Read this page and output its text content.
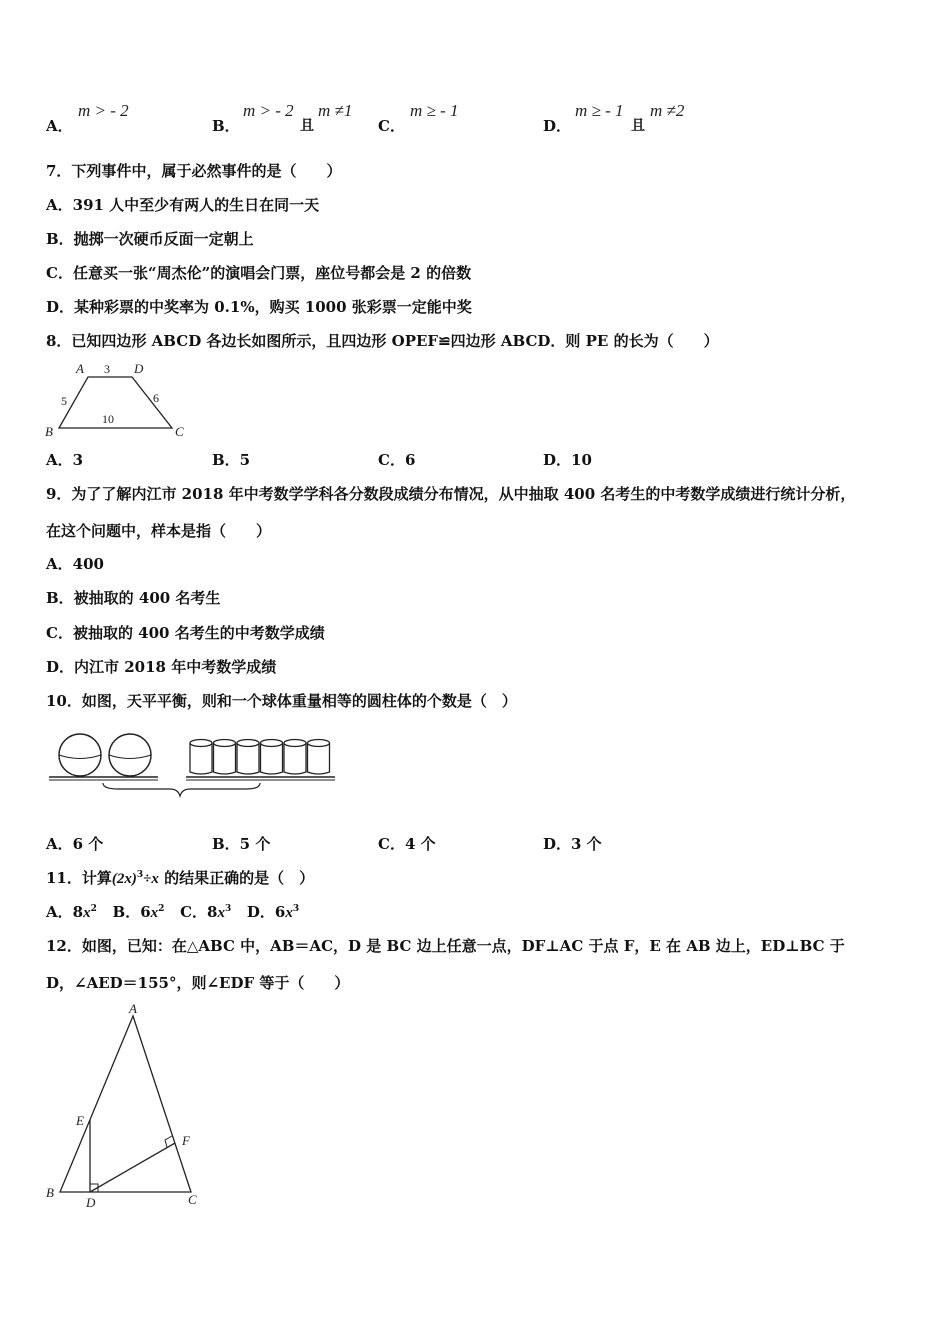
A．
m > - 2
B．
m > - 2
且
m ≠1
C．
m ≥ - 1
D．
m ≥ - 1
且
m ≠2
7．下列事件中，属于必然事件的是（　　）
A．391 人中至少有两人的生日在同一天
B．抛掷一次硬币反面一定朝上
C．任意买一张“周杰伦”的演唱会门票，座位号都会是 2 的倍数
D．某种彩票的中奖率为 0.1%，购买 1000 张彩票一定能中奖
8．已知四边形 ABCD 各边长如图所示，且四边形 OPEF≌四边形 ABCD．则 PE 的长为（　　）
A	D
B	C
3
5	6
10
A．3	B．5	C．6	D．10
9．为了了解内江市 2018 年中考数学学科各分数段成绩分布情况，从中抽取 400 名考生的中考数学成绩进行统计分析，
在这个问题中，样本是指（　　）
A．400
B．被抽取的 400 名考生
C．被抽取的 400 名考生的中考数学成绩
D．内江市 2018 年中考数学成绩
10．如图，天平平衡，则和一个球体重量相等的圆柱体的个数是（　）
A．6 个	B．5 个	C．4 个	D．3 个
11．计算$(2x)^3\div x$ 的结果正确的是（　）
A．$8x^2$ B．$6x^2$ C．$8x^3$ D．$6x^3$
12．如图，已知：在△ABC 中，AB＝AC，D 是 BC 边上任意一点，DF⊥AC 于点 F，E 在 AB 边上，ED⊥BC 于
D，∠AED＝155°，则∠EDF 等于（　　）
A
B	C
D
E
F
